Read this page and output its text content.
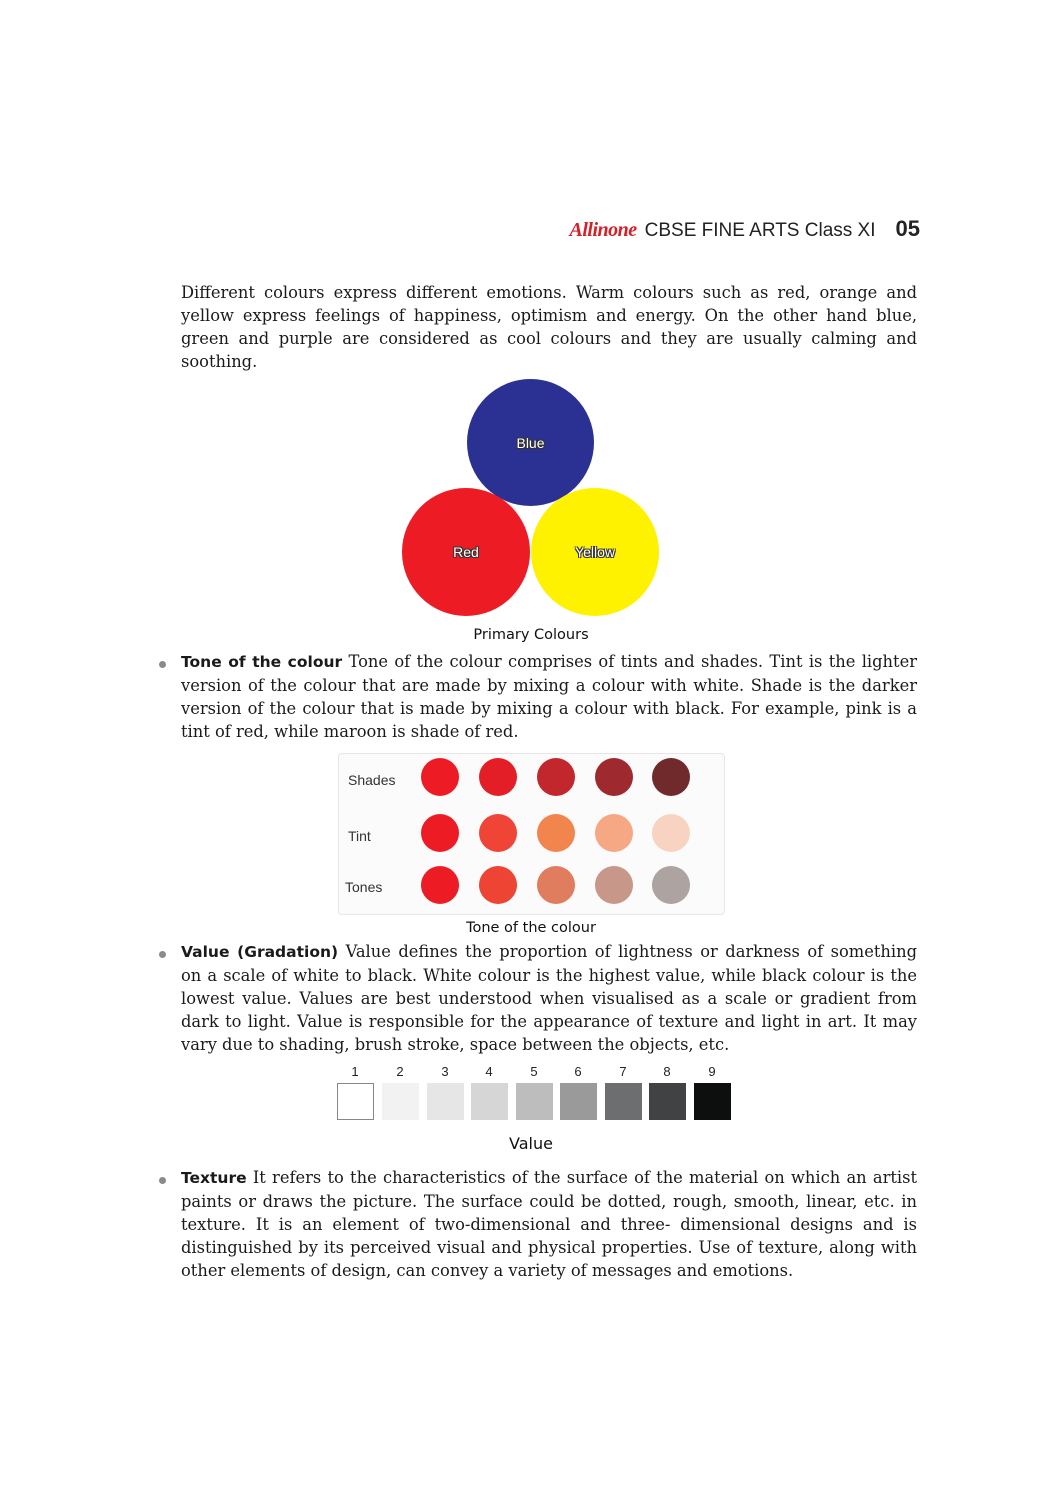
Allinone CBSE FINE ARTS Class XI 05

Different colours express different emotions. Warm colours such as red, orange and yellow express feelings of happiness, optimism and energy. On the other hand blue, green and purple are considered as cool colours and they are usually calming and soothing.

Blue
Red	Yellow
Primary Colours

Tone of the colour Tone of the colour comprises of tints and shades. Tint is the lighter version of the colour that are made by mixing a colour with white. Shade is the darker version of the colour that is made by mixing a colour with black. For example, pink is a tint of red, while maroon is shade of red.

Shades
Tint
Tones
Tone of the colour

Value (Gradation) Value defines the proportion of lightness or darkness of something on a scale of white to black. White colour is the highest value, while black colour is the lowest value. Values are best understood when visualised as a scale or gradient from dark to light. Value is responsible for the appearance of texture and light in art. It may vary due to shading, brush stroke, space between the objects, etc.

1	2	3	4	5	6	7	8	9
Value

Texture It refers to the characteristics of the surface of the material on which an artist paints or draws the picture. The surface could be dotted, rough, smooth, linear, etc. in texture. It is an element of two-dimensional and three- dimensional designs and is distinguished by its perceived visual and physical properties. Use of texture, along with other elements of design, can convey a variety of messages and emotions.
